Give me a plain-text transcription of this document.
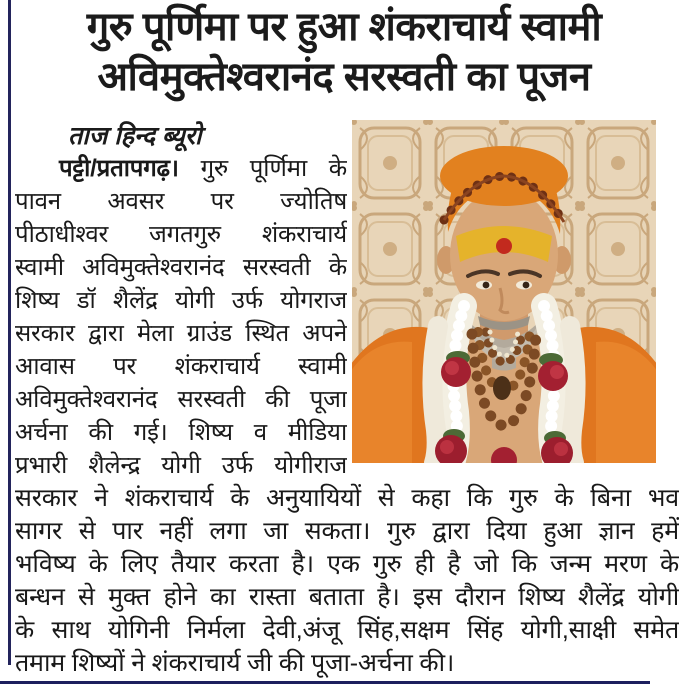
गुरु पूर्णिमा पर हुआ शंकराचार्य स्वामी
अविमुक्तेश्वरानंद सरस्वती का पूजन
ताज हिन्द ब्यूरो
पट्टी/प्रतापगढ़। गुरु पूर्णिमा के
पावन अवसर पर ज्योतिष
पीठाधीश्वर जगतगुरु शंकराचार्य
स्वामी अविमुक्तेश्वरानंद सरस्वती के
शिष्य डॉ शैलेंद्र योगी उर्फ योगराज
सरकार द्वारा मेला ग्राउंड स्थित अपने
आवास पर शंकराचार्य स्वामी
अविमुक्तेश्वरानंद सरस्वती की पूजा
अर्चना की गई। शिष्य व मीडिया
प्रभारी शैलेन्द्र योगी उर्फ योगीराज
सरकार ने शंकराचार्य के अनुयायियों से कहा कि गुरु के बिना भव
सागर से पार नहीं लगा जा सकता। गुरु द्वारा दिया हुआ ज्ञान हमें
भविष्य के लिए तैयार करता है। एक गुरु ही है जो कि जन्म मरण के
बन्धन से मुक्त होने का रास्ता बताता है। इस दौरान शिष्य शैलेंद्र योगी
के साथ योगिनी निर्मला देवी,अंजू सिंह,सक्षम सिंह योगी,साक्षी समेत
तमाम शिष्यों ने शंकराचार्य जी की पूजा-अर्चना की।
